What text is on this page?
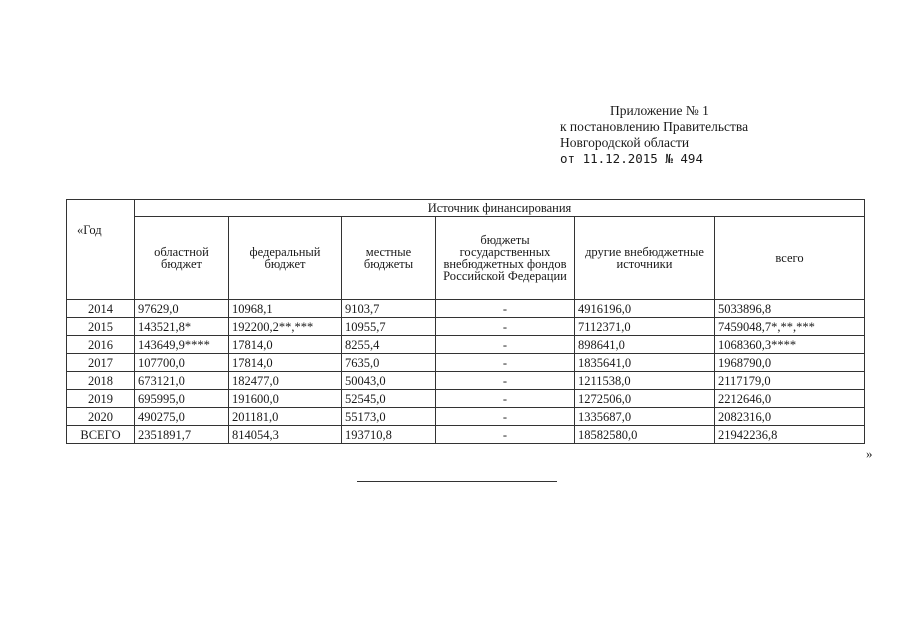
Приложение № 1
к постановлению Правительства
Новгородской области
от 11.12.2015 № 494
«Год	Источник финансирования					
	областной бюджет	федеральный бюджет	местные бюджеты	бюджеты государственных внебюджетных фондов Российской Федерации	другие внебюджетные источники	всего
2014	97629,0	10968,1	9103,7	-	4916196,0	5033896,8
2015	143521,8*	192200,2**,***	10955,7	-	7112371,0	7459048,7*,**,***
2016	143649,9****	17814,0	8255,4	-	898641,0	1068360,3****
2017	107700,0	17814,0	7635,0	-	1835641,0	1968790,0
2018	673121,0	182477,0	50043,0	-	1211538,0	2117179,0
2019	695995,0	191600,0	52545,0	-	1272506,0	2212646,0
2020	490275,0	201181,0	55173,0	-	1335687,0	2082316,0
ВСЕГО	2351891,7	814054,3	193710,8	-	18582580,0	21942236,8
»
